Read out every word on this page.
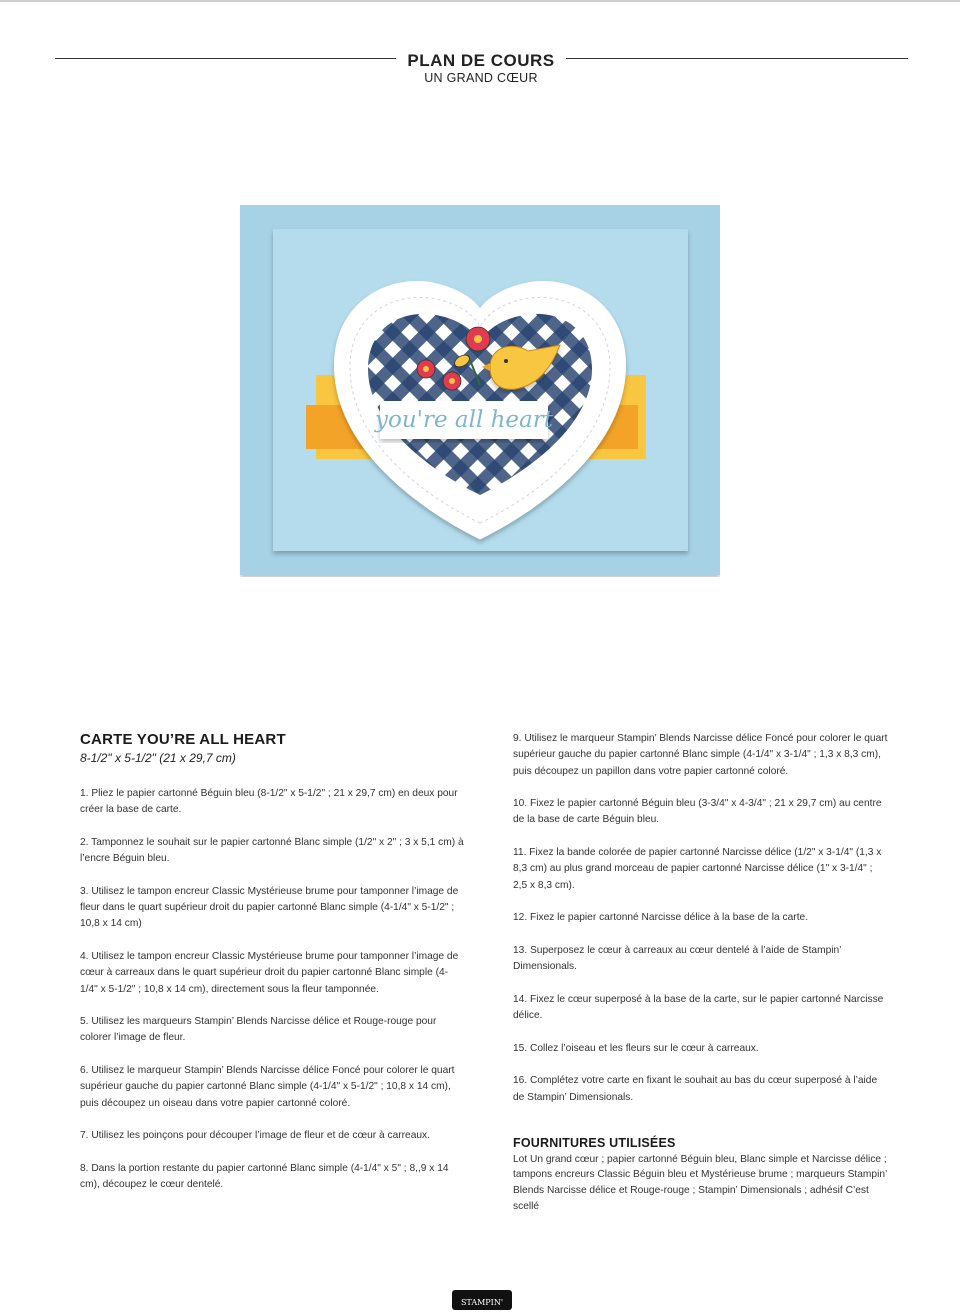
PLAN DE COURS
UN GRAND CŒUR
you're all heart
CARTE YOU’RE ALL HEART

8-1/2" x 5-1/2" (21 x 29,7 cm)

1. Pliez le papier cartonné Béguin bleu (8-1/2" x 5-1/2" ; 21 x 29,7 cm) en deux pour créer la base de carte.
2. Tamponnez le souhait sur le papier cartonné Blanc simple (1/2" x 2" ; 3 x 5,1 cm) à l’encre Béguin bleu.
3. Utilisez le tampon encreur Classic Mystérieuse brume pour tamponner l’image de fleur dans le quart supérieur droit du papier cartonné Blanc simple (4-1/4" x 5-1/2" ; 10,8 x 14 cm)
4. Utilisez le tampon encreur Classic Mystérieuse brume pour tamponner l’image de cœur à carreaux dans le quart supérieur droit du papier cartonné Blanc simple (4-1/4" x 5-1/2" ; 10,8 x 14 cm), directement sous la fleur tamponnée.
5. Utilisez les marqueurs Stampin’ Blends Narcisse délice et Rouge-rouge pour colorer l’image de fleur.
6. Utilisez le marqueur Stampin’ Blends Narcisse délice Foncé pour colorer le quart supérieur gauche du papier cartonné Blanc simple (4-1/4" x 5-1/2" ; 10,8 x 14 cm), puis découpez un oiseau dans votre papier cartonné coloré.
7. Utilisez les poinçons pour découper l’image de fleur et de cœur à carreaux.
8. Dans la portion restante du papier cartonné Blanc simple (4-1/4" x 5" ; 8,,9 x 14 cm), découpez le cœur dentelé.
9. Utilisez le marqueur Stampin’ Blends Narcisse délice Foncé pour colorer le quart supérieur gauche du papier cartonné Blanc simple (4-1/4" x 3-1/4" ; 1,3 x 8,3 cm), puis découpez un papillon dans votre papier cartonné coloré.
10. Fixez le papier cartonné Béguin bleu (3-3/4" x 4-3/4" ; 21 x 29,7 cm) au centre de la base de carte Béguin bleu.
11. Fixez la bande colorée de papier cartonné Narcisse délice (1/2" x 3-1/4" (1,3 x 8,3 cm) au plus grand morceau de papier cartonné Narcisse délice (1" x 3-1/4" ; 2,5 x 8,3 cm).
12. Fixez le papier cartonné Narcisse délice à la base de la carte.
13. Superposez le cœur à carreaux au cœur dentelé à l’aide de Stampin’ Dimensionals.
14. Fixez le cœur superposé à la base de la carte, sur le papier cartonné Narcisse délice.
15. Collez l’oiseau et les fleurs sur le cœur à carreaux.
16. Complétez votre carte en fixant le souhait au bas du cœur superposé à l’aide de Stampin’ Dimensionals.
FOURNITURES UTILISÉES

Lot Un grand cœur ; papier cartonné Béguin bleu, Blanc simple et Narcisse délice ; tampons encreurs Classic Béguin bleu et Mystérieuse brume ; marqueurs Stampin’ Blends Narcisse délice et Rouge-rouge ; Stampin’ Dimensionals ; adhésif C’est scellé

STAMPIN'
